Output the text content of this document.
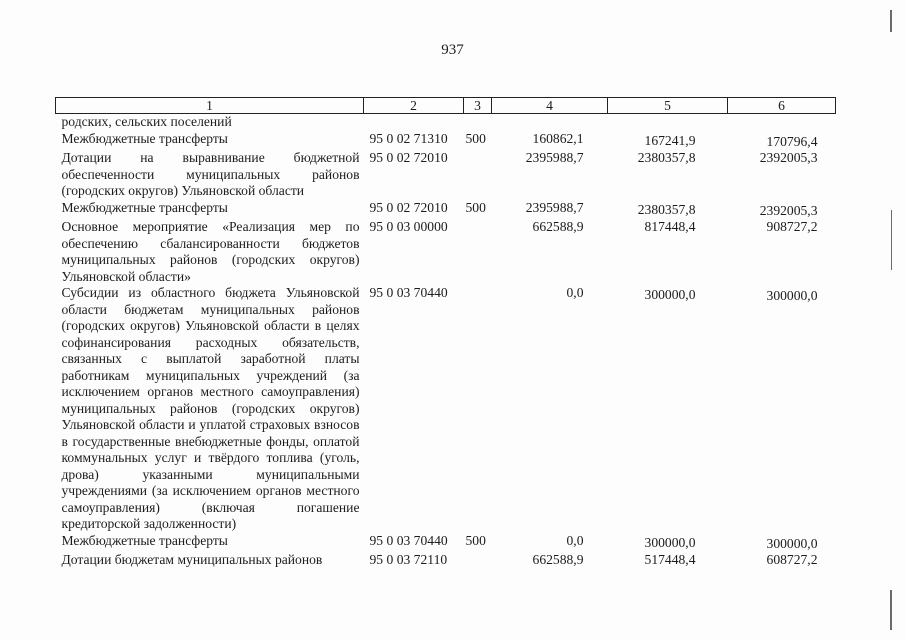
937
1	2	3	4	5	6
родских, сельских поселений					
Межбюджетные трансферты	95 0 02 71310	500	160862,1	167241,9	170796,4
Дотации на выравнивание бюджетной обеспеченности муниципальных районов (городских округов) Ульяновской области	95 0 02 72010		2395988,7	2380357,8	2392005,3
Межбюджетные трансферты	95 0 02 72010	500	2395988,7	2380357,8	2392005,3
Основное мероприятие «Реализация мер по обеспечению сбалансированности бюджетов муниципальных районов (городских округов) Ульяновской области»	95 0 03 00000		662588,9	817448,4	908727,2
Субсидии из областного бюджета Ульяновской области бюджетам муниципальных районов (городских округов) Ульяновской области в целях софинансирования расходных обязательств, связанных с выплатой заработной платы работникам муниципальных учреждений (за исключением органов местного самоуправления) муниципальных районов (городских округов) Ульяновской области и уплатой страховых взносов в государственные внебюджетные фонды, оплатой коммунальных услуг и твёрдого топлива (уголь, дрова) указанными муниципальными учреждениями (за исключением органов местного самоуправления) (включая погашение кредиторской задолженности)	95 0 03 70440		0,0	300000,0	300000,0
Межбюджетные трансферты	95 0 03 70440	500	0,0	300000,0	300000,0
Дотации бюджетам муниципальных районов	95 0 03 72110		662588,9	517448,4	608727,2
